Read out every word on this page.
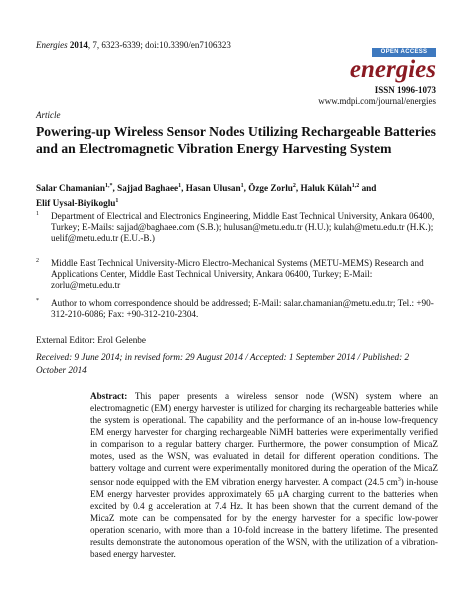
Energies 2014, 7, 6323-6339; doi:10.3390/en7106323
OPEN ACCESS
energies
ISSN 1996-1073
www.mdpi.com/journal/energies
Article
Powering-up Wireless Sensor Nodes Utilizing Rechargeable Batteries and an Electromagnetic Vibration Energy Harvesting System
Salar Chamanian$^{1,*}$, Sajjad Baghaee$^1$, Hasan Ulusan$^1$, Özge Zorlu$^2$, Haluk Külah$^{1,2}$ and
Elif Uysal-Biyikoglu$^1$
1 Department of Electrical and Electronics Engineering, Middle East Technical University, Ankara 06400, Turkey; E-Mails: sajjad@baghaee.com (S.B.); hulusan@metu.edu.tr (H.U.); kulah@metu.edu.tr (H.K.); uelif@metu.edu.tr (E.U.-B.)
2 Middle East Technical University-Micro Electro-Mechanical Systems (METU-MEMS) Research and Applications Center, Middle East Technical University, Ankara 06400, Turkey; E-Mail: zorlu@metu.edu.tr
* Author to whom correspondence should be addressed; E-Mail: salar.chamanian@metu.edu.tr; Tel.: +90-312-210-6086; Fax: +90-312-210-2304.
External Editor: Erol Gelenbe
Received: 9 June 2014; in revised form: 29 August 2014 / Accepted: 1 September 2014 / Published: 2 October 2014
Abstract: This paper presents a wireless sensor node (WSN) system where an electromagnetic (EM) energy harvester is utilized for charging its rechargeable batteries while the system is operational. The capability and the performance of an in-house low-frequency EM energy harvester for charging rechargeable NiMH batteries were experimentally verified in comparison to a regular battery charger. Furthermore, the power consumption of MicaZ motes, used as the WSN, was evaluated in detail for different operation conditions. The battery voltage and current were experimentally monitored during the operation of the MicaZ sensor node equipped with the EM vibration energy harvester. A compact (24.5 $cm^3$) in-house EM energy harvester provides approximately 65 μA charging current to the batteries when excited by 0.4 g acceleration at 7.4 Hz. It has been shown that the current demand of the MicaZ mote can be compensated for by the energy harvester for a specific low-power operation scenario, with more than a 10-fold increase in the battery lifetime. The presented results demonstrate the autonomous operation of the WSN, with the utilization of a vibration-based energy harvester.
